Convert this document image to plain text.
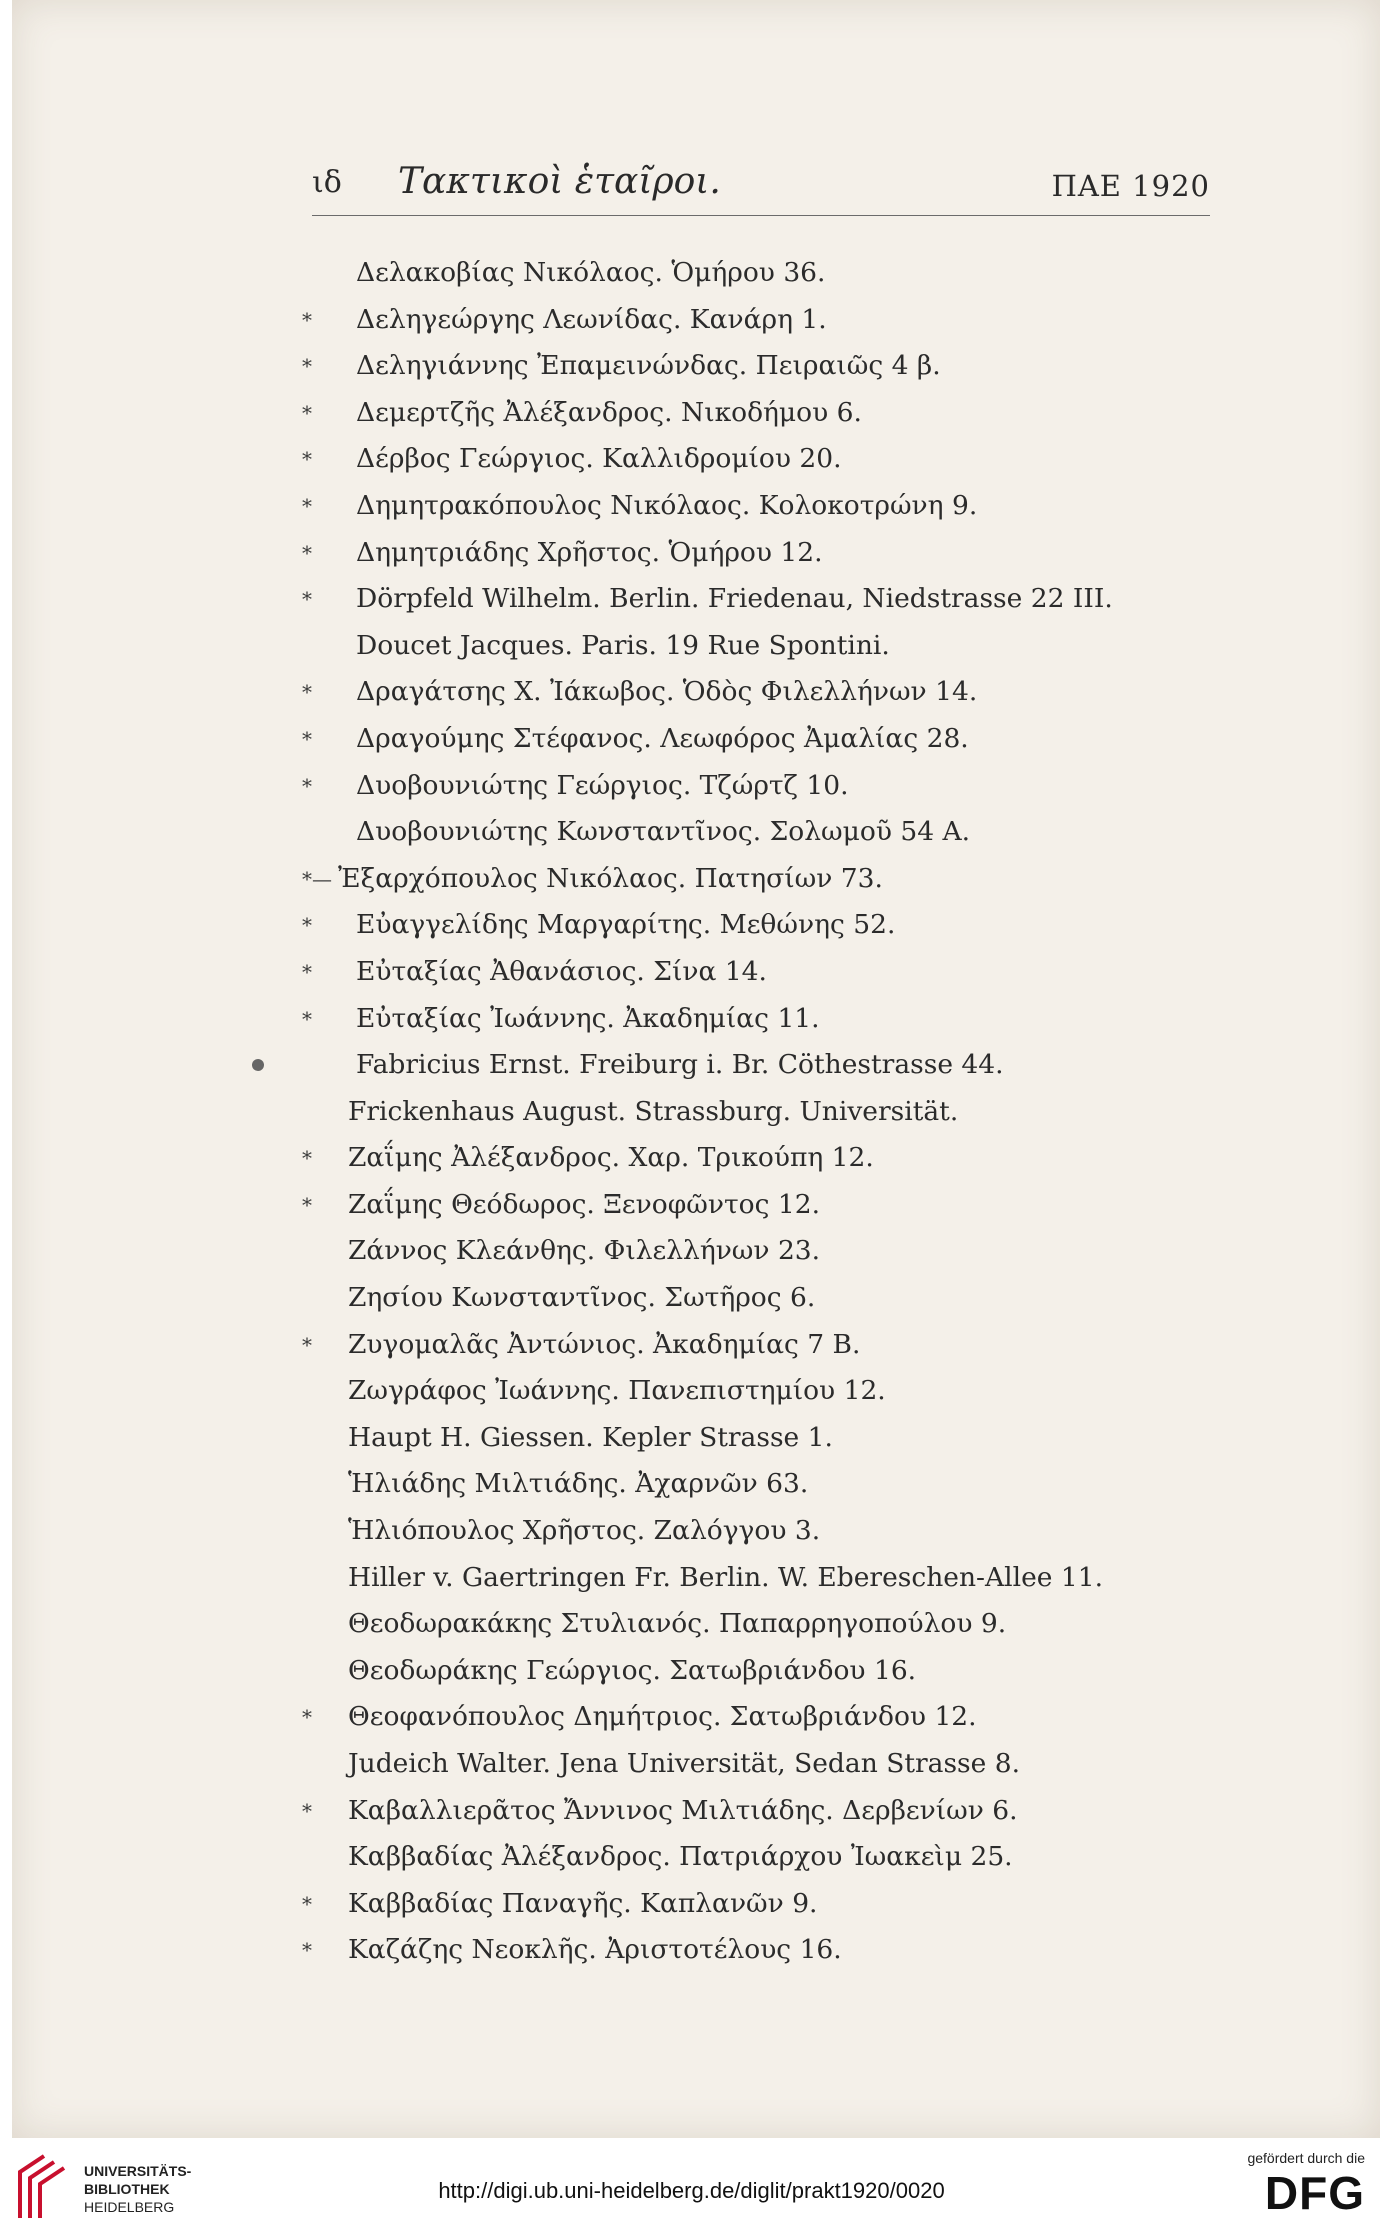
ιδ Τακτικοὶ ἑταῖροι.	ΠΑΕ 1920
Δελακοβίας Νικόλαος. Ὁμήρου 36.
* Δεληγεώργης Λεωνίδας. Κανάρη 1.
* Δεληγιάννης Ἐπαμεινώνδας. Πειραιῶς 4 β.
* Δεμερτζῆς Ἀλέξανδρος. Νικοδήμου 6.
* Δέρβος Γεώργιος. Καλλιδρομίου 20.
* Δημητρακόπουλος Νικόλαος. Κολοκοτρώνη 9.
* Δημητριάδης Χρῆστος. Ὁμήρου 12.
* Dörpfeld Wilhelm. Berlin. Friedenau, Niedstrasse 22 III.
Doucet Jacques. Paris. 19 Rue Spontini.
* Δραγάτσης Χ. Ἰάκωβος. Ὁδὸς Φιλελλήνων 14.
* Δραγούμης Στέφανος. Λεωφόρος Ἀμαλίας 28.
* Δυοβουνιώτης Γεώργιος. Τζώρτζ 10.
Δυοβουνιώτης Κωνσταντῖνος. Σολωμοῦ 54 Α.
*— Ἐξαρχόπουλος Νικόλαος. Πατησίων 73.
* Εὐαγγελίδης Μαργαρίτης. Μεθώνης 52.
* Εὐταξίας Ἀθανάσιος. Σίνα 14.
* Εὐταξίας Ἰωάννης. Ἀκαδημίας 11.
Fabricius Ernst. Freiburg i. Br. Cöthestrasse 44.
Frickenhaus August. Strassburg. Universität.
* Ζαΐμης Ἀλέξανδρος. Χαρ. Τρικούπη 12.
* Ζαΐμης Θεόδωρος. Ξενοφῶντος 12.
Ζάννος Κλεάνθης. Φιλελλήνων 23.
Ζησίου Κωνσταντῖνος. Σωτῆρος 6.
* Ζυγομαλᾶς Ἀντώνιος. Ἀκαδημίας 7 Β.
Ζωγράφος Ἰωάννης. Πανεπιστημίου 12.
Haupt H. Giessen. Kepler Strasse 1.
Ἡλιάδης Μιλτιάδης. Ἀχαρνῶν 63.
Ἡλιόπουλος Χρῆστος. Ζαλόγγου 3.
Hiller v. Gaertringen Fr. Berlin. W. Ebereschen-Allee 11.
Θεοδωρακάκης Στυλιανός. Παπαρρηγοπούλου 9.
Θεοδωράκης Γεώργιος. Σατωβριάνδου 16.
* Θεοφανόπουλος Δημήτριος. Σατωβριάνδου 12.
Judeich Walter. Jena Universität, Sedan Strasse 8.
* Καβαλλιερᾶτος Ἄννινος Μιλτιάδης. Δερβενίων 6.
Καββαδίας Ἀλέξανδρος. Πατριάρχου Ἰωακεὶμ 25.
* Καββαδίας Παναγῆς. Καπλανῶν 9.
* Καζάζης Νεοκλῆς. Ἀριστοτέλους 16.
UNIVERSITÄTS-
BIBLIOTHEK
HEIDELBERG
http://digi.ub.uni-heidelberg.de/diglit/prakt1920/0020
gefördert durch die
DFG
